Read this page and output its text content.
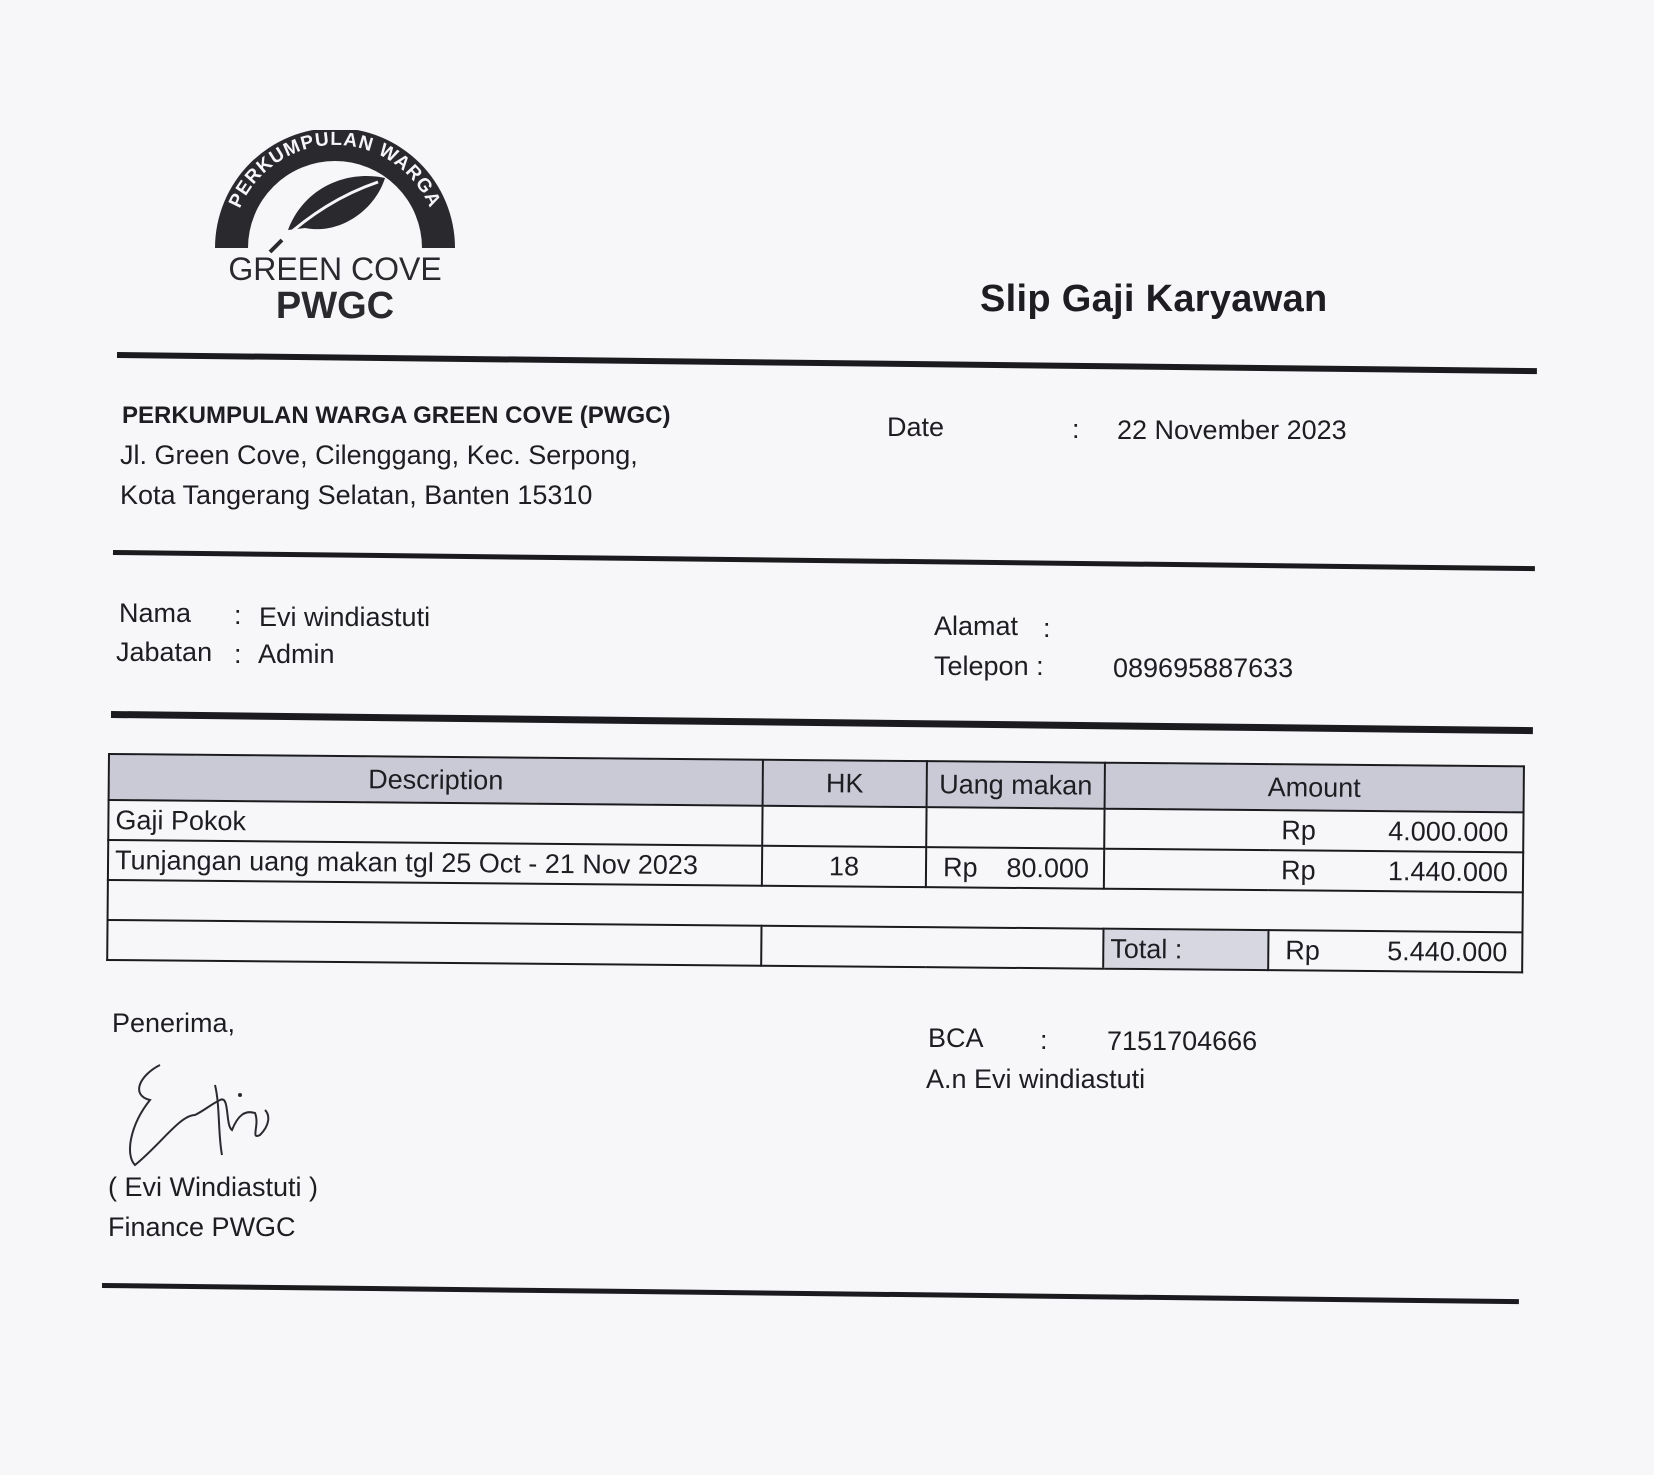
PERKUMPULAN WARGA
GREEN COVE
PWGC	Slip Gaji Karyawan
PERKUMPULAN WARGA GREEN COVE (PWGC)
Jl. Green Cove, Cilenggang, Kec. Serpong,
Kota Tangerang Selatan, Banten 15310
Date	: 22 November 2023
Nama : Evi windiastuti
Jabatan : Admin
Alamat :
Telepon :	089695887633
Description	HK	Uang makan	Amount	
Gaji Pokok			Rp 4.000.000	

Tunjangan uang makan tgl 25 Oct - 21 Nov 2023	18	Rp 80.000	Rp 1.440.000	

			Total :	Rp 5.440.000
Penerima,
( Evi Windiastuti )
Finance PWGC
BCA : 7151704666
A.n Evi windiastuti
